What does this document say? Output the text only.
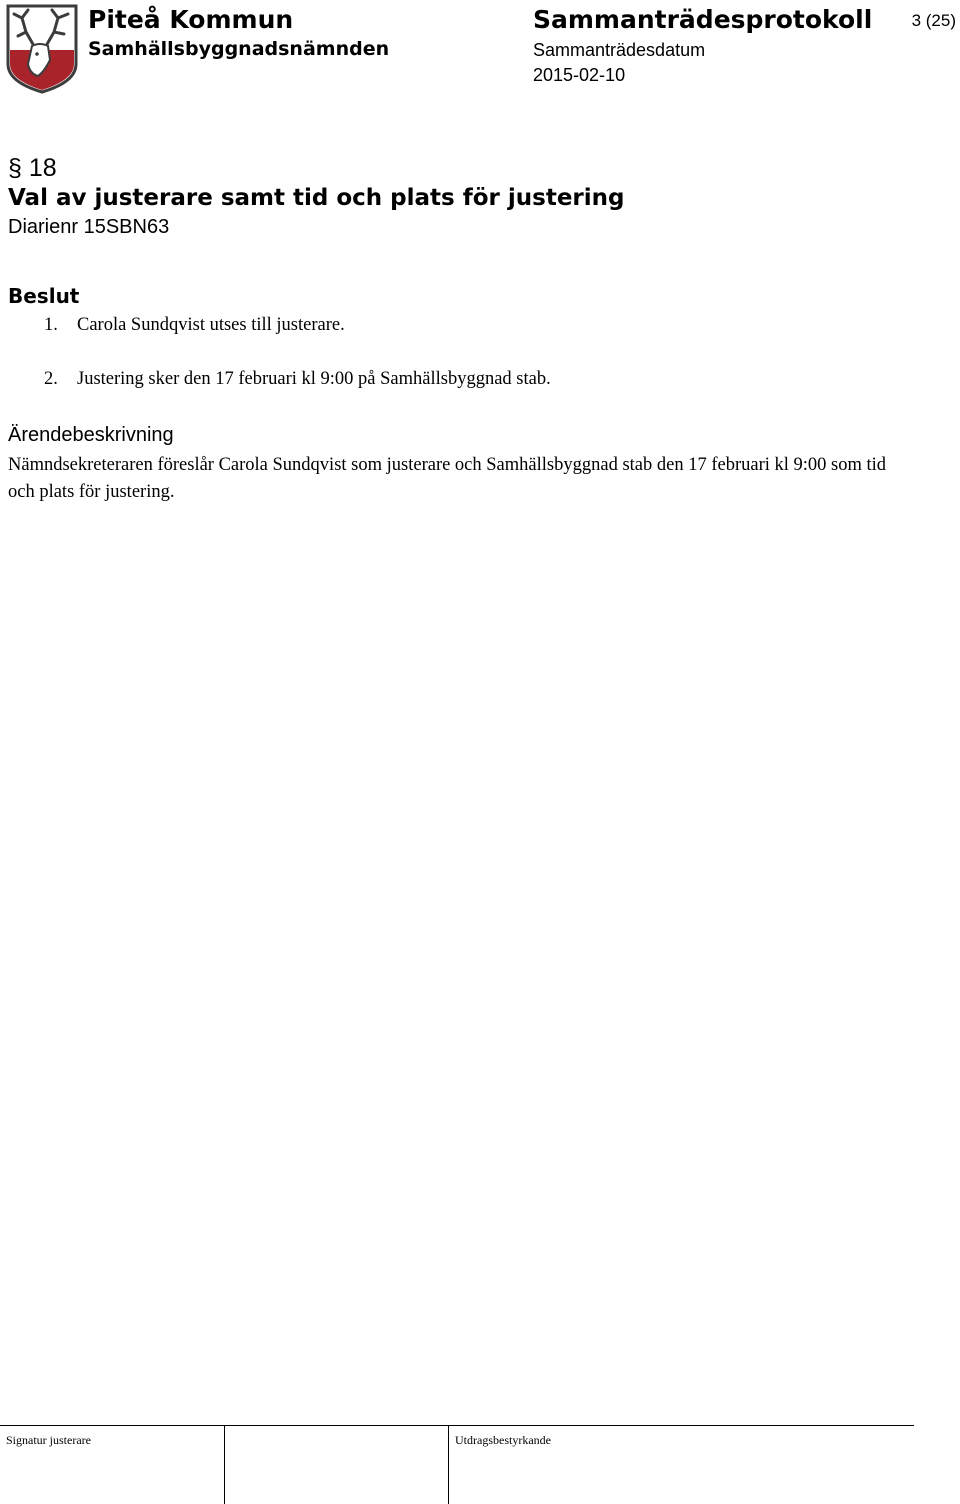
Piteå Kommun
Samhällsbyggnadsnämnden
Sammanträdesprotokoll
Sammanträdesdatum
2015-02-10
3 (25)
§ 18
Val av justerare samt tid och plats för justering
Diarienr 15SBN63
Beslut
1. Carola Sundqvist utses till justerare.
2. Justering sker den 17 februari kl 9:00 på Samhällsbyggnad stab.
Ärendebeskrivning
Nämndsekreteraren föreslår Carola Sundqvist som justerare och Samhällsbyggnad stab den 17 februari kl 9:00 som tid och plats för justering.
Signatur justerare	Utdragsbestyrkande
